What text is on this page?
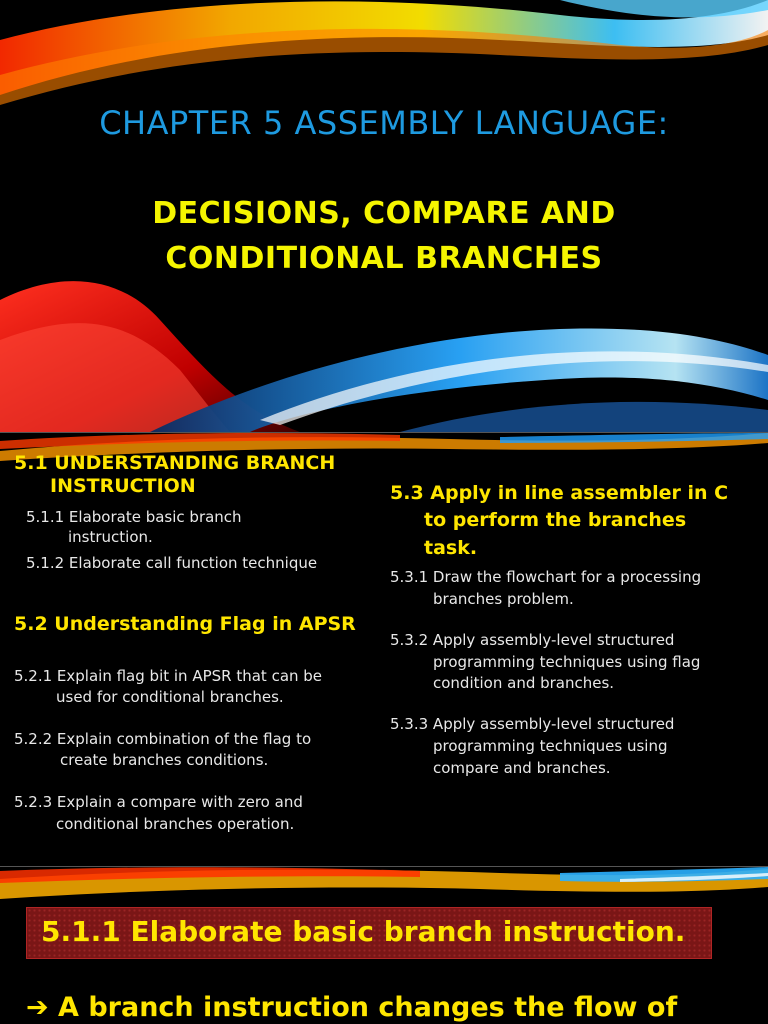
CHAPTER 5 ASSEMBLY LANGUAGE:
DECISIONS, COMPARE AND
CONDITIONAL BRANCHES
5.1 UNDERSTANDING BRANCH
INSTRUCTION
5.1.1 Elaborate basic branch
instruction.
5.1.2 Elaborate call function technique
5.2 Understanding Flag in APSR
5.2.1 Explain flag bit in APSR that can be
used for conditional branches.
5.2.2 Explain combination of the flag to
create branches conditions.
5.2.3 Explain a compare with zero and
conditional branches operation.
5.3 Apply in line assembler in C
to perform the branches
task.
5.3.1 Draw the flowchart for a processing
branches problem.
5.3.2 Apply assembly-level structured
programming techniques using flag
condition and branches.
5.3.3 Apply assembly-level structured
programming techniques using
compare and branches.
5.1.1 Elaborate basic branch instruction.
➔ A branch instruction changes the flow of
